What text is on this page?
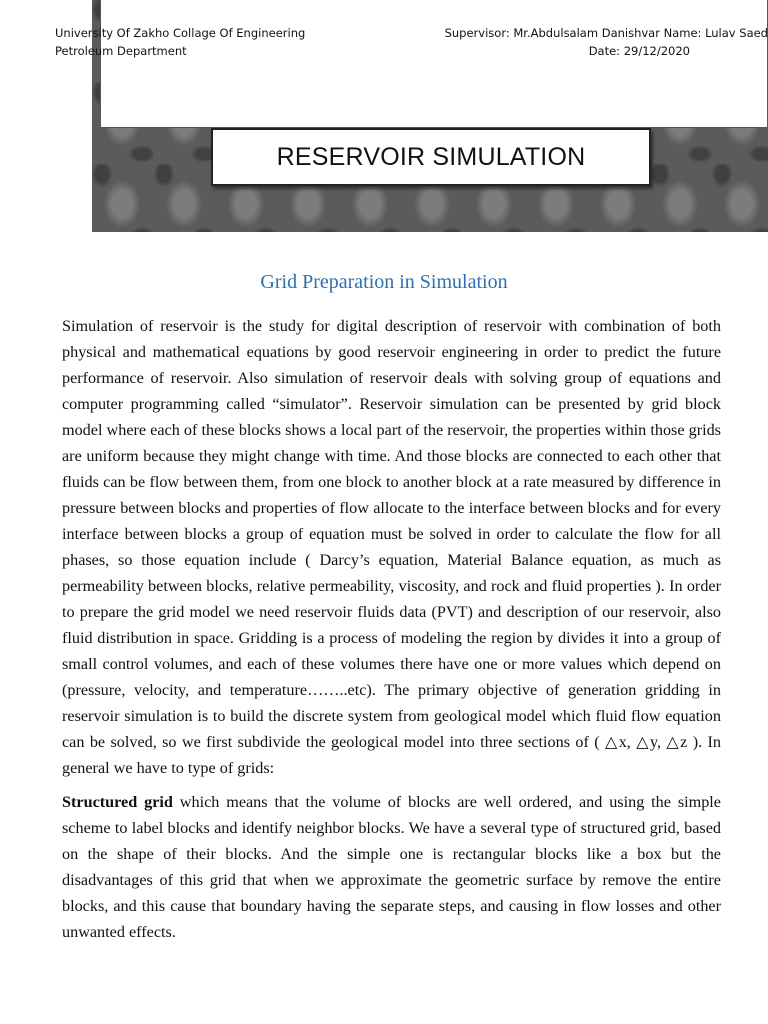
University Of Zakho Collage Of Engineering
Petroleum Department
Supervisor: Mr.Abdulsalam Danishvar Name: Lulav Saed
Date: 29/12/2020
RESERVOIR SIMULATION
Grid Preparation in Simulation

Simulation of reservoir is the study for digital description of reservoir with combination of both physical and mathematical equations by good reservoir engineering in order to predict the future performance of reservoir. Also simulation of reservoir deals with solving group of equations and computer programming called “simulator”. Reservoir simulation can be presented by grid block model where each of these blocks shows a local part of the reservoir, the properties within those grids are uniform because they might change with time. And those blocks are connected to each other that fluids can be flow between them, from one block to another block at a rate measured by difference in pressure between blocks and properties of flow allocate to the interface between blocks and for every interface between blocks a group of equation must be solved in order to calculate the flow for all phases, so those equation include ( Darcy’s equation, Material Balance equation, as much as permeability between blocks, relative permeability, viscosity, and rock and fluid properties ). In order to prepare the grid model we need reservoir fluids data (PVT) and description of our reservoir, also fluid distribution in space. Gridding is a process of modeling the region by divides it into a group of small control volumes, and each of these volumes there have one or more values which depend on (pressure, velocity, and temperature……..etc). The primary objective of generation gridding in reservoir simulation is to build the discrete system from geological model which fluid flow equation can be solved, so we first subdivide the geological model into three sections of ( △x, △y, △z ). In general we have to type of grids:

Structured grid which means that the volume of blocks are well ordered, and using the simple scheme to label blocks and identify neighbor blocks. We have a several type of structured grid, based on the shape of their blocks. And the simple one is rectangular blocks like a box but the disadvantages of this grid that when we approximate the geometric surface by remove the entire blocks, and this cause that boundary having the separate steps, and causing in flow losses and other unwanted effects.
